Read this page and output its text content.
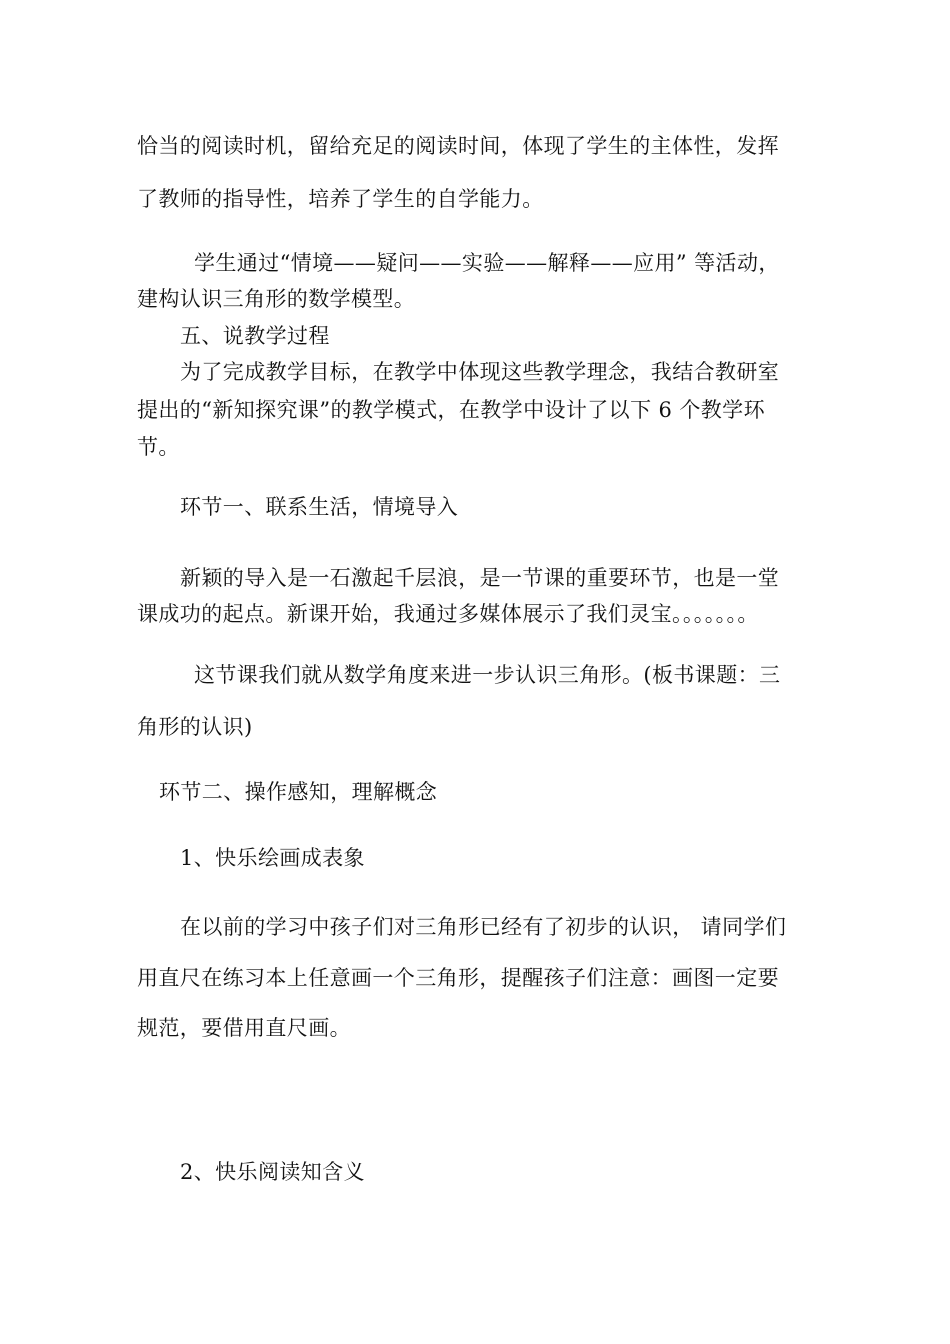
恰当的阅读时机，留给充足的阅读时间，体现了学生的主体性，发挥
了教师的指导性，培养了学生的自学能力。
学生通过“情境——疑问——实验——解释——应用” 等活动，
建构认识三角形的数学模型。
五、说教学过程
为了完成教学目标，在教学中体现这些教学理念，我结合教研室
提出的“新知探究课”的教学模式，在教学中设计了以下 6 个教学环
节。
环节一、联系生活，情境导入
新颖的导入是一石激起千层浪，是一节课的重要环节，也是一堂
课成功的起点。新课开始，我通过多媒体展示了我们灵宝。。。。。。。
这节课我们就从数学角度来进一步认识三角形。(板书课题：三
角形的认识)
环节二、操作感知，理解概念
1、快乐绘画成表象
在以前的学习中孩子们对三角形已经有了初步的认识， 请同学们
用直尺在练习本上任意画一个三角形，提醒孩子们注意：画图一定要
规范，要借用直尺画。
2、快乐阅读知含义
